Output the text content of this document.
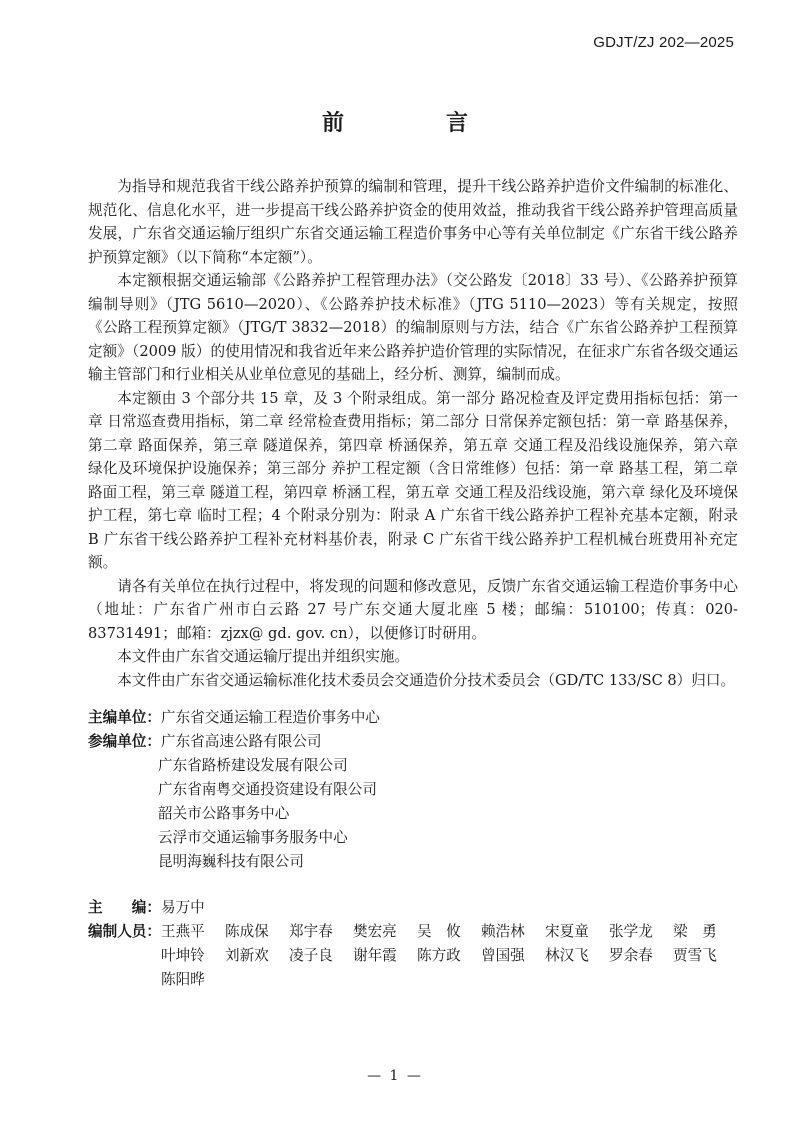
GDJT/ZJ 202—2025
前　言

为指导和规范我省干线公路养护预算的编制和管理，提升干线公路养护造价文件编制的标准化、规范化、信息化水平，进一步提高干线公路养护资金的使用效益，推动我省干线公路养护管理高质量发展，广东省交通运输厅组织广东省交通运输工程造价事务中心等有关单位制定《广东省干线公路养护预算定额》（以下简称“本定额”）。

本定额根据交通运输部《公路养护工程管理办法》（交公路发〔2018〕33 号）、《公路养护预算编制导则》（JTG 5610—2020）、《公路养护技术标准》（JTG 5110—2023）等有关规定，按照《公路工程预算定额》（JTG/T 3832—2018）的编制原则与方法，结合《广东省公路养护工程预算定额》（2009 版）的使用情况和我省近年来公路养护造价管理的实际情况，在征求广东省各级交通运输主管部门和行业相关从业单位意见的基础上，经分析、测算，编制而成。

本定额由 3 个部分共 15 章，及 3 个附录组成。第一部分 路况检查及评定费用指标包括：第一章 日常巡查费用指标，第二章 经常检查费用指标；第二部分 日常保养定额包括：第一章 路基保养，第二章 路面保养，第三章 隧道保养，第四章 桥涵保养，第五章 交通工程及沿线设施保养，第六章 绿化及环境保护设施保养；第三部分 养护工程定额（含日常维修）包括：第一章 路基工程，第二章 路面工程，第三章 隧道工程，第四章 桥涵工程，第五章 交通工程及沿线设施，第六章 绿化及环境保护工程，第七章 临时工程；4 个附录分别为：附录 A 广东省干线公路养护工程补充基本定额，附录 B 广东省干线公路养护工程补充材料基价表，附录 C 广东省干线公路养护工程机械台班费用补充定额。

请各有关单位在执行过程中，将发现的问题和修改意见，反馈广东省交通运输工程造价事务中心（地址：广东省广州市白云路 27 号广东交通大厦北座 5 楼；邮编：510100；传真：020-83731491；邮箱：zjzx@ gd. gov. cn），以便修订时研用。

本文件由广东省交通运输厅提出并组织实施。

本文件由广东省交通运输标准化技术委员会交通造价分技术委员会（GD/TC 133/SC 8）归口。

主编单位： 广东省交通运输工程造价事务中心
参编单位： 广东省高速公路有限公司
广东省路桥建设发展有限公司
广东省南粤交通投资建设有限公司
韶关市公路事务中心
云浮市交通运输事务服务中心
昆明海巍科技有限公司
主　　编： 易万中
编制人员： 王燕平	陈成保	郑宇春	樊宏亮	吴　攸	赖浩林	宋夏童	张学龙	梁　勇
叶坤铃	刘新欢	凌子良	谢年霞	陈方政	曾国强	林汉飞	罗余春	贾雪飞
陈阳晔
— 1 —
